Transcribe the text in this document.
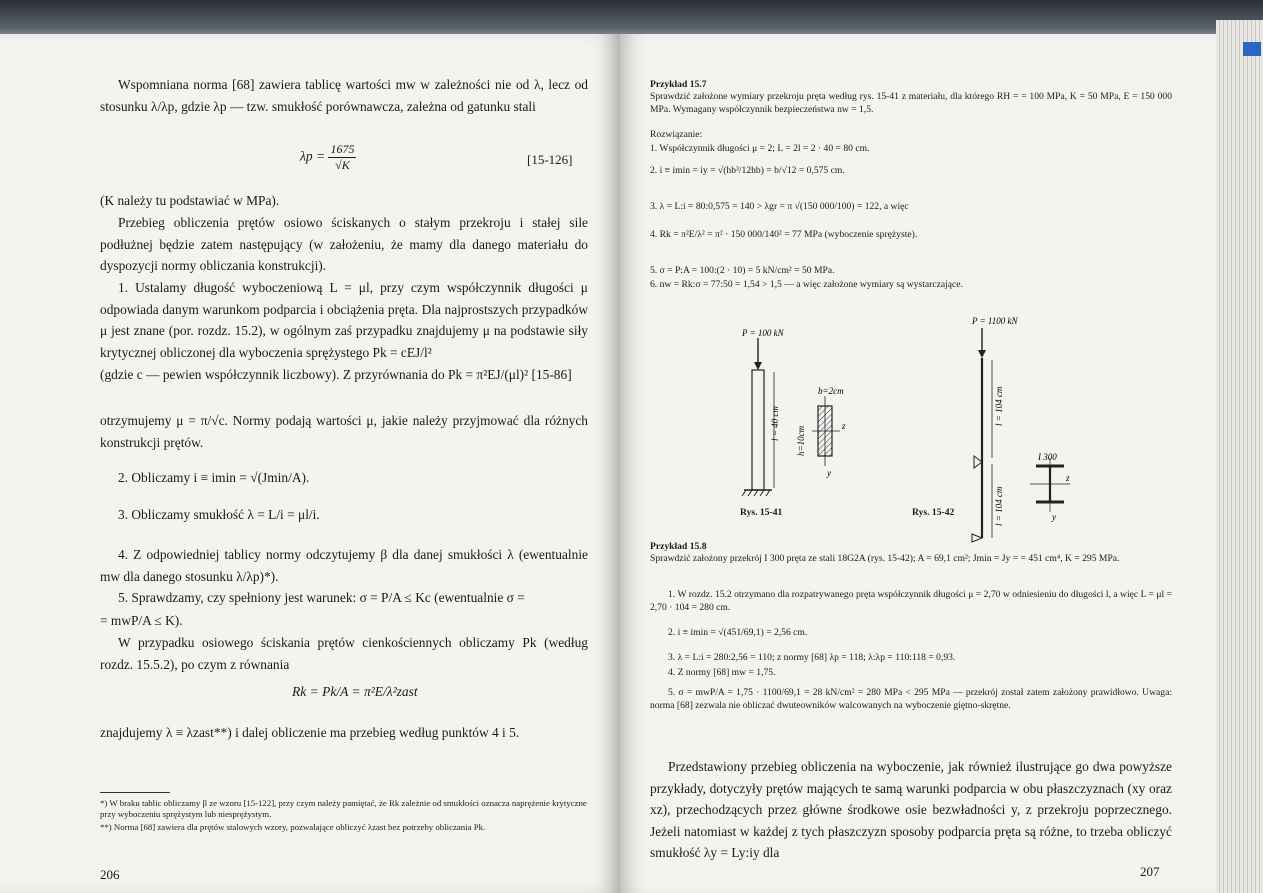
Wspomniana norma [68] zawiera tablicę wartości mw w zależności nie od λ, lecz od stosunku λ/λp, gdzie λp — tzw. smukłość porównawcza, zależna od gatunku stali
$\lambda p = \frac{1675}{√K}$	[15-126]
(K należy tu podstawiać w MPa).
Przebieg obliczenia prętów osiowo ściskanych o stałym przekroju i stałej sile podłużnej będzie zatem następujący (w założeniu, że mamy dla danego materiału do dyspozycji normy obliczania konstrukcji).
1. Ustalamy długość wyboczeniową L = μl, przy czym współczynnik długości μ odpowiada danym warunkom podparcia i obciążenia pręta. Dla najprostszych przypadków μ jest znane (por. rozdz. 15.2), w ogólnym zaś przypadku znajdujemy μ na podstawie siły krytycznej obliczonej dla wyboczenia sprężystego Pk = cEJ/l²
(gdzie c — pewien współczynnik liczbowy). Z przyrównania do Pk = π²EJ/(μl)² [15-86]
otrzymujemy μ = π/√c. Normy podają wartości μ, jakie należy przyjmować dla różnych konstrukcji prętów.
2. Obliczamy i ≡ imin = √(Jmin/A).
3. Obliczamy smukłość λ = L/i = μl/i.
4. Z odpowiedniej tablicy normy odczytujemy β dla danej smukłości λ (ewentualnie mw dla danego stosunku λ/λp)*).
5. Sprawdzamy, czy spełniony jest warunek: σ = P/A ≤ Kc (ewentualnie σ =
= mwP/A ≤ K).
W przypadku osiowego ściskania prętów cienkościennych obliczamy Pk (według rozdz. 15.5.2), po czym z równania
Rk = Pk/A = π²E/λ²zast
znajdujemy λ ≡ λzast**) i dalej obliczenie ma przebieg według punktów 4 i 5.
*) W braku tablic obliczamy β ze wzoru [15-122], przy czym należy pamiętać, że Rk zależnie od smukłości oznacza naprężenie krytyczne przy wyboczeniu sprężystym lub niesprężystym.
**) Norma [68] zawiera dla prętów stalowych wzory, pozwalające obliczyć λzast bez potrzeby obliczania Pk.
206
Przykład 15.7
Sprawdzić założone wymiary przekroju pręta według rys. 15-41 z materiału, dla którego RH = = 100 MPa, K = 50 MPa, E = 150 000 MPa. Wymagany współczynnik bezpieczeństwa nw = 1,5.
Rozwiązanie:
1. Współczynnik długości μ = 2; L = 2l = 2 · 40 = 80 cm.
2. i ≡ imin = iy = √(hb³/12hb) = b/√12 = 0,575 cm.
3. λ = L:i = 80:0,575 = 140 > λgr = π √(150 000/100) = 122, a więc
4. Rk = π²E/λ² = π² · 150 000/140² = 77 MPa (wyboczenie sprężyste).
5. σ = P:A = 100:(2 · 10) = 5 kN/cm² = 50 MPa.
6. nw = Rk:σ = 77:50 = 1,54 > 1,5 — a więc założone wymiary są wystarczające.
l = 40 cm
P = 100 kN
b=2cm
h=10cm	z
y
P = 1100 kN
l = 104 cm
l = 104 cm
I 300
z
y
Rys. 15-41	Rys. 15-42
Przykład 15.8
Sprawdzić założony przekrój I 300 pręta ze stali 18G2A (rys. 15-42); A = 69,1 cm²; Jmin = Jy = = 451 cm⁴, K = 295 MPa.
1. W rozdz. 15.2 otrzymano dla rozpatrywanego pręta współczynnik długości μ = 2,70 w odniesieniu do długości l, a więc L = μl = 2,70 · 104 = 280 cm.
2. i ≡ imin = √(451/69,1) = 2,56 cm.
3. λ = L:i = 280:2,56 = 110; z normy [68] λp = 118; λ:λp = 110:118 = 0,93.
4. Z normy [68] mw = 1,75.
5. σ = mwP/A = 1,75 · 1100/69,1 = 28 kN/cm² = 280 MPa < 295 MPa — przekrój został zatem założony prawidłowo. Uwaga: norma [68] zezwala nie obliczać dwuteowników walcowanych na wyboczenie giętno-skrętne.
Przedstawiony przebieg obliczenia na wyboczenie, jak również ilustrujące go dwa powyższe przykłady, dotyczyły prętów mających te samą warunki podparcia w obu płaszczyznach (xy oraz xz), przechodzących przez główne środkowe osie bezwładności y, z przekroju poprzecznego. Jeżeli natomiast w każdej z tych płaszczyzn sposoby podparcia pręta są różne, to trzeba obliczyć smukłość λy = Ly:iy dla
207
